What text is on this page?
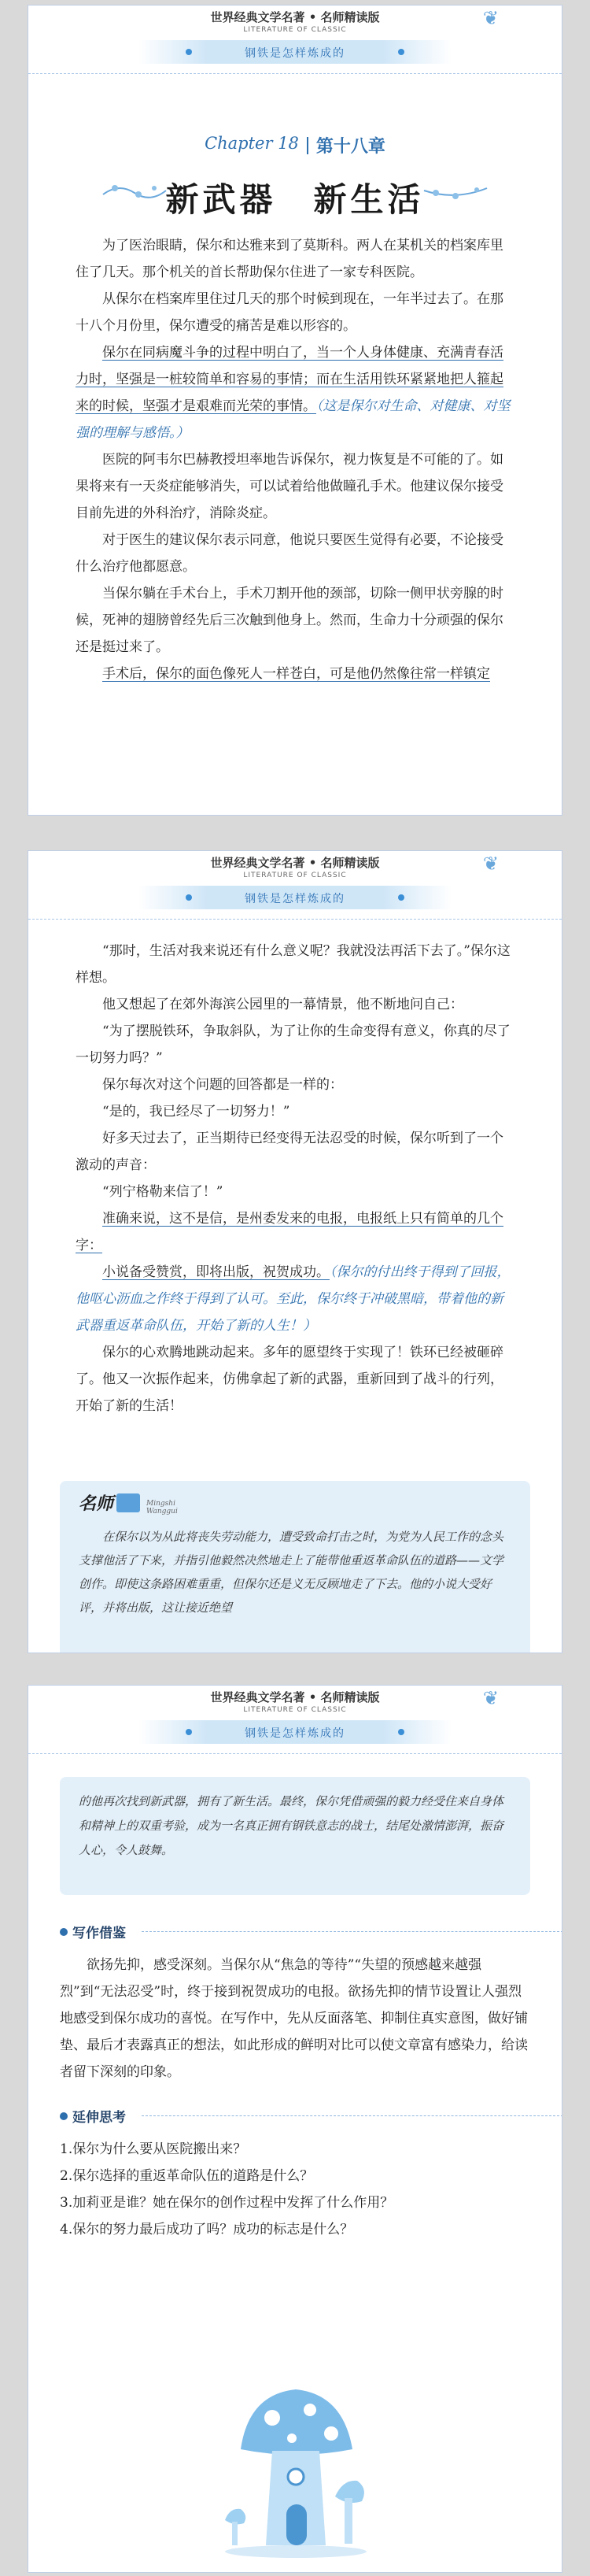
世界经典文学名著 • 名师精读版
LITERATURE OF CLASSIC
钢铁是怎样炼成的
❦
Chapter 18 第十八章
新武器　新生活

为了医治眼睛，保尔和达雅来到了莫斯科。两人在某机关的档案库里住了几天。那个机关的首长帮助保尔住进了一家专科医院。

从保尔在档案库里住过几天的那个时候到现在，一年半过去了。在那十八个月份里，保尔遭受的痛苦是难以形容的。

保尔在同病魔斗争的过程中明白了，当一个人身体健康、充满青春活力时，坚强是一桩较简单和容易的事情；而在生活用铁环紧紧地把人箍起来的时候，坚强才是艰难而光荣的事情。（这是保尔对生命、对健康、对坚强的理解与感悟。）

医院的阿韦尔巴赫教授坦率地告诉保尔，视力恢复是不可能的了。如果将来有一天炎症能够消失，可以试着给他做瞳孔手术。他建议保尔接受目前先进的外科治疗，消除炎症。

对于医生的建议保尔表示同意，他说只要医生觉得有必要，不论接受什么治疗他都愿意。

当保尔躺在手术台上，手术刀割开他的颈部，切除一侧甲状旁腺的时候，死神的翅膀曾经先后三次触到他身上。然而，生命力十分顽强的保尔还是挺过来了。

手术后，保尔的面色像死人一样苍白，可是他仍然像往常一样镇定

世界经典文学名著 • 名师精读版
LITERATURE OF CLASSIC
钢铁是怎样炼成的
❦

“那时，生活对我来说还有什么意义呢？我就没法再活下去了。”保尔这样想。

他又想起了在郊外海滨公园里的一幕情景，他不断地问自己：

“为了摆脱铁环，争取斜队，为了让你的生命变得有意义，你真的尽了一切努力吗？”

保尔每次对这个问题的回答都是一样的：

“是的，我已经尽了一切努力！”

好多天过去了，正当期待已经变得无法忍受的时候，保尔听到了一个激动的声音：

“列宁格勒来信了！”

准确来说，这不是信，是州委发来的电报，电报纸上只有简单的几个字：

小说备受赞赏，即将出版，祝贺成功。（保尔的付出终于得到了回报，他呕心沥血之作终于得到了认可。至此，保尔终于冲破黑暗，带着他的新武器重返革命队伍，开始了新的人生！）

保尔的心欢腾地跳动起来。多年的愿望终于实现了！铁环已经被砸碎了。他又一次振作起来，仿佛拿起了新的武器，重新回到了战斗的行列，开始了新的生活！

名师	Mingshi Wanggui

在保尔以为从此将丧失劳动能力，遭受致命打击之时，为党为人民工作的念头支撑他活了下来，并指引他毅然决然地走上了能带他重返革命队伍的道路——文学创作。即使这条路困难重重，但保尔还是义无反顾地走了下去。他的小说大受好评，并将出版，这让接近绝望

世界经典文学名著 • 名师精读版
LITERATURE OF CLASSIC
钢铁是怎样炼成的
❦
的他再次找到新武器，拥有了新生活。最终，保尔凭借顽强的毅力经受住来自身体和精神上的双重考验，成为一名真正拥有钢铁意志的战士，结尾处激情澎湃，振奋人心，令人鼓舞。
写作借鉴

欲扬先抑，感受深刻。当保尔从“焦急的等待”“失望的预感越来越强烈”到“无法忍受”时，终于接到祝贺成功的电报。欲扬先抑的情节设置让人强烈地感受到保尔成功的喜悦。在写作中，先从反面落笔、抑制住真实意图，做好铺垫、最后才表露真正的想法，如此形成的鲜明对比可以使文章富有感染力，给读者留下深刻的印象。

延伸思考

1.保尔为什么要从医院搬出来？

2.保尔选择的重返革命队伍的道路是什么？

3.加莉亚是谁？她在保尔的创作过程中发挥了什么作用？

4.保尔的努力最后成功了吗？成功的标志是什么？
